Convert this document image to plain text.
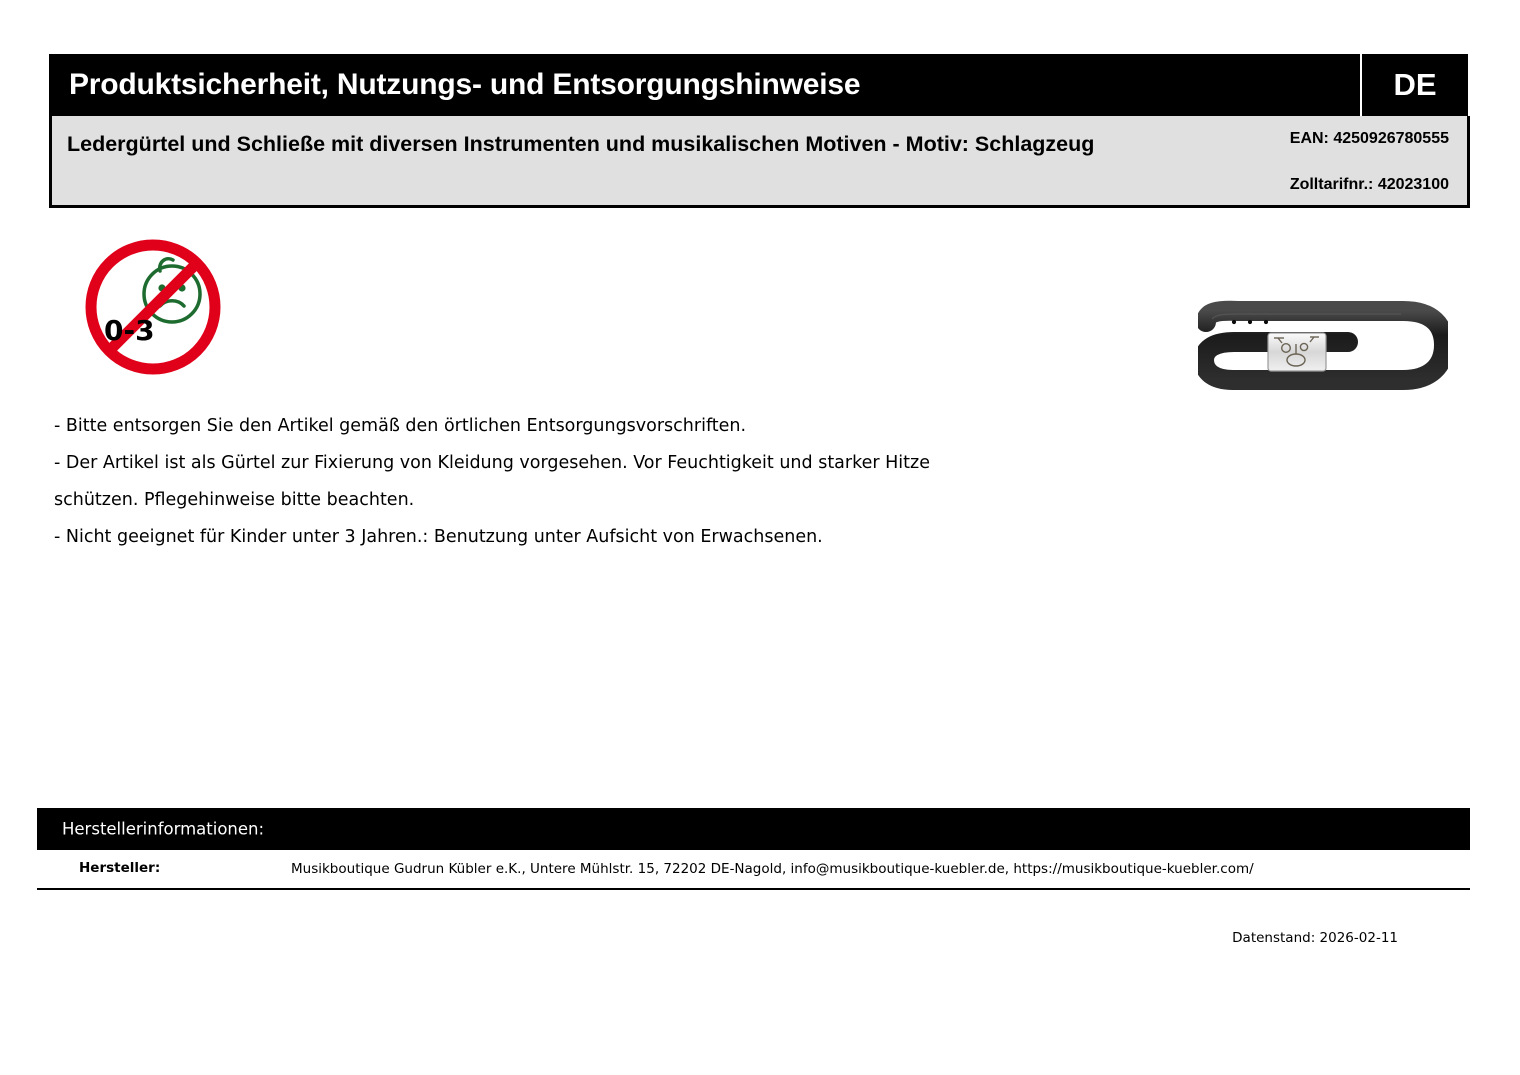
Produktsicherheit, Nutzungs- und Entsorgungshinweise	DE
Ledergürtel und Schließe mit diversen Instrumenten und musikalischen Motiven - Motiv: Schlagzeug	EAN: 4250926780555
Zolltarifnr.: 42023100
0-3

- Bitte entsorgen Sie den Artikel gemäß den örtlichen Entsorgungsvorschriften.

- Der Artikel ist als Gürtel zur Fixierung von Kleidung vorgesehen. Vor Feuchtigkeit und starker Hitze

schützen. Pflegehinweise bitte beachten.

- Nicht geeignet für Kinder unter 3 Jahren.: Benutzung unter Aufsicht von Erwachsenen.

Herstellerinformationen:
Hersteller:	Musikboutique Gudrun Kübler e.K., Untere Mühlstr. 15, 72202 DE-Nagold, info@musikboutique-kuebler.de, https://musikboutique-kuebler.com/
Datenstand: 2026-02-11
